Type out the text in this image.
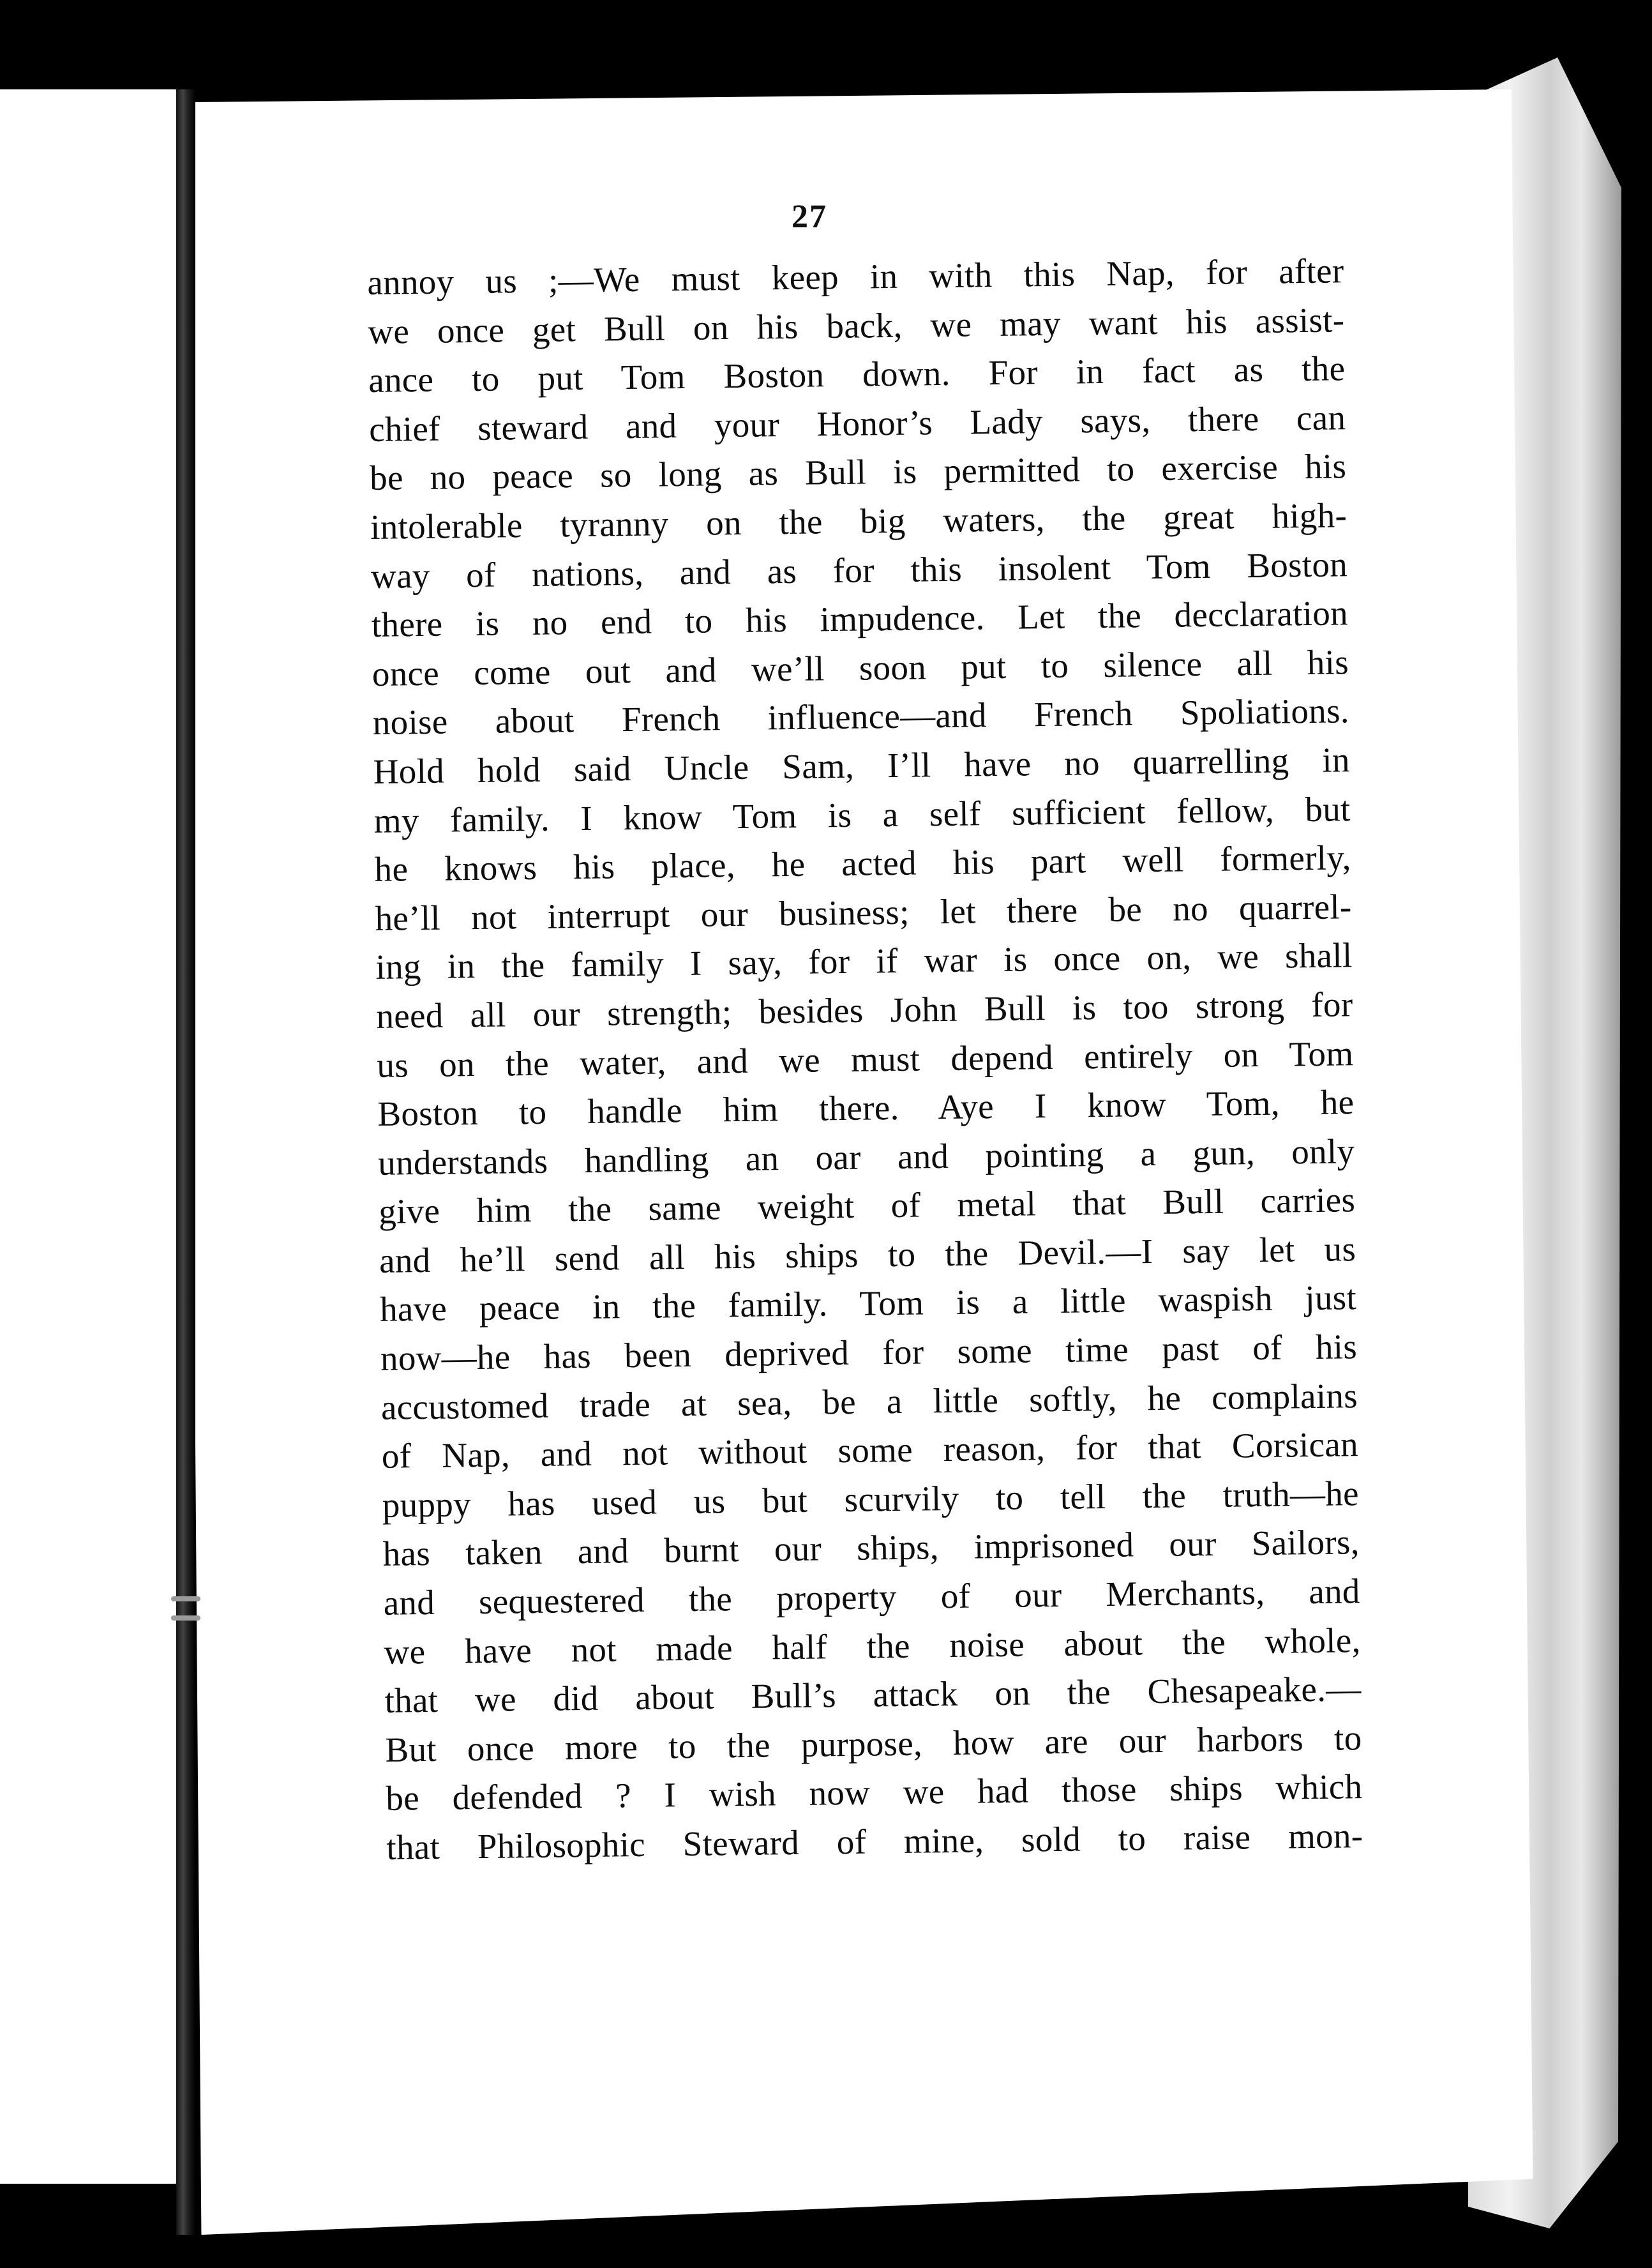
27
annoy us ;—We must keep in with this Nap, for after
we once get Bull on his back, we may want his assist-
ance to put Tom Boston down. For in fact as the
chief steward and your Honor’s Lady says, there can
be no peace so long as Bull is permitted to exercise his
intolerable tyranny on the big waters, the great high-
way of nations, and as for this insolent Tom Boston
there is no end to his impudence. Let the decclaration
once come out and we’ll soon put to silence all his
noise about French influence—and French Spoliations.
Hold hold said Uncle Sam, I’ll have no quarrelling in
my family. I know Tom is a self sufficient fellow, but
he knows his place, he acted his part well formerly,
he’ll not interrupt our business; let there be no quarrel-
ing in the family I say, for if war is once on, we shall
need all our strength; besides John Bull is too strong for
us on the water, and we must depend entirely on Tom
Boston to handle him there. Aye I know Tom, he
understands handling an oar and pointing a gun, only
give him the same weight of metal that Bull carries
and he’ll send all his ships to the Devil.—I say let us
have peace in the family. Tom is a little waspish just
now—he has been deprived for some time past of his
accustomed trade at sea, be a little softly, he complains
of Nap, and not without some reason, for that Corsican
puppy has used us but scurvily to tell the truth—he
has taken and burnt our ships, imprisoned our Sailors,
and sequestered the property of our Merchants, and
we have not made half the noise about the whole,
that we did about Bull’s attack on the Chesapeake.—
But once more to the purpose, how are our harbors to
be defended ? I wish now we had those ships which
that Philosophic Steward of mine, sold to raise mon-
